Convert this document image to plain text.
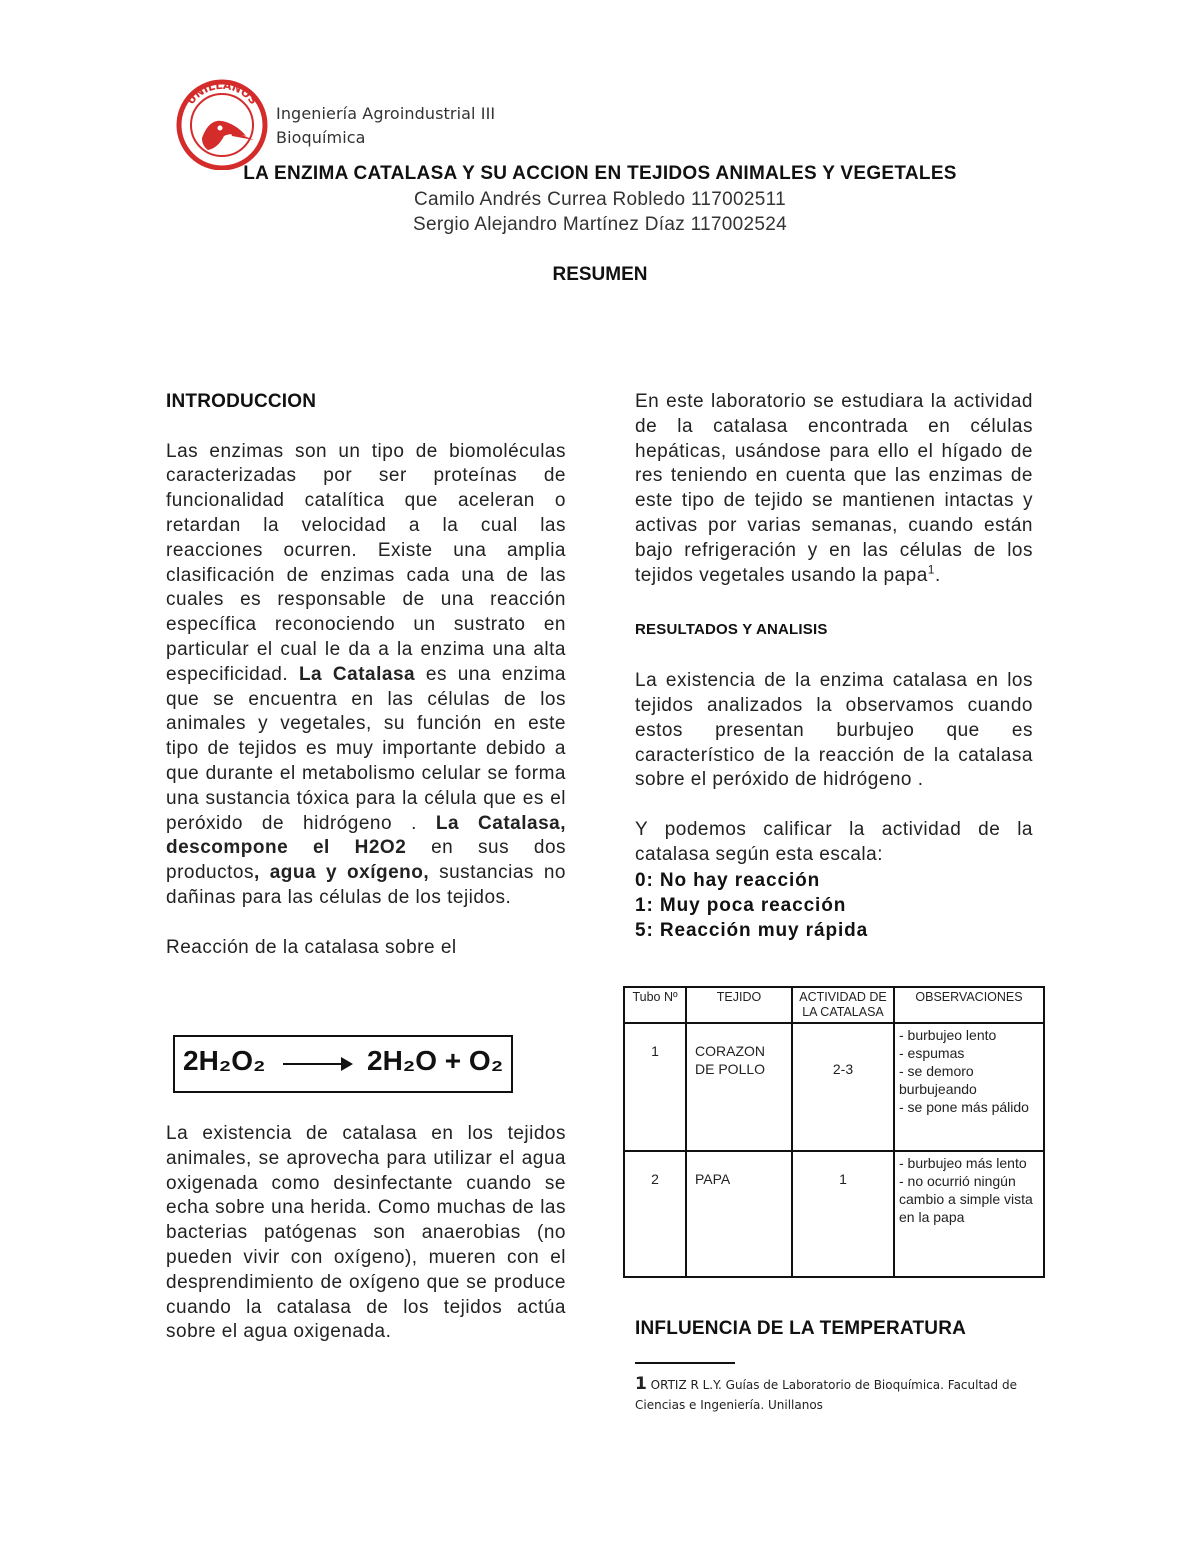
UNILLANOS
Ingeniería Agroindustrial III
Bioquímica
LA ENZIMA CATALASA Y SU ACCION EN TEJIDOS ANIMALES Y VEGETALES
Camilo Andrés Currea Robledo 117002511
Sergio Alejandro Martínez Díaz 117002524
RESUMEN

INTRODUCCION

Las enzimas son un tipo de biomoléculas caracterizadas por ser proteínas de funcionalidad catalítica que aceleran o retardan la velocidad a la cual las reacciones ocurren. Existe una amplia clasificación de enzimas cada una de las cuales es responsable de una reacción específica reconociendo un sustrato en particular el cual le da a la enzima una alta especificidad. La Catalasa es una enzima que se encuentra en las células de los animales y vegetales, su función en este tipo de tejidos es muy importante debido a que durante el metabolismo celular se forma una sustancia tóxica para la célula que es el peróxido de hidrógeno . La Catalasa, descompone el H2O2 en sus dos productos, agua y oxígeno, sustancias no dañinas para las células de los tejidos.

Reacción de la catalasa sobre el

2H₂O₂	2H₂O + O₂

La existencia de catalasa en los tejidos animales, se aprovecha para utilizar el agua oxigenada como desinfectante cuando se echa sobre una herida. Como muchas de las bacterias patógenas son anaerobias (no pueden vivir con oxígeno), mueren con el desprendimiento de oxígeno que se produce cuando la catalasa de los tejidos actúa sobre el agua oxigenada.

En este laboratorio se estudiara la actividad de la catalasa encontrada en células hepáticas, usándose para ello el hígado de res teniendo en cuenta que las enzimas de este tipo de tejido se mantienen intactas y activas por varias semanas, cuando están bajo refrigeración y en las células de los tejidos vegetales usando la papa$^1$.

RESULTADOS Y ANALISIS

La existencia de la enzima catalasa en los tejidos analizados la observamos cuando estos presentan burbujeo que es característico de la reacción de la catalasa sobre el peróxido de hidrógeno .

Y podemos calificar la actividad de la catalasa según esta escala:

0: No hay reacción

1: Muy poca reacción

5: Reacción muy rápida

Tubo Nº	TEJIDO	ACTIVIDAD DE LA CATALASA	OBSERVACIONES
1	CORAZON DE POLLO	2-3	- burbujeo lento
- espumas
- se demoro burbujeando
- se pone más pálido

2	PAPA	1	- burbujeo más lento
- no ocurrió ningún cambio a simple vista en la papa
INFLUENCIA DE LA TEMPERATURA
1 ORTIZ R L.Y. Guías de Laboratorio de Bioquímica. Facultad de Ciencias e Ingeniería. Unillanos
